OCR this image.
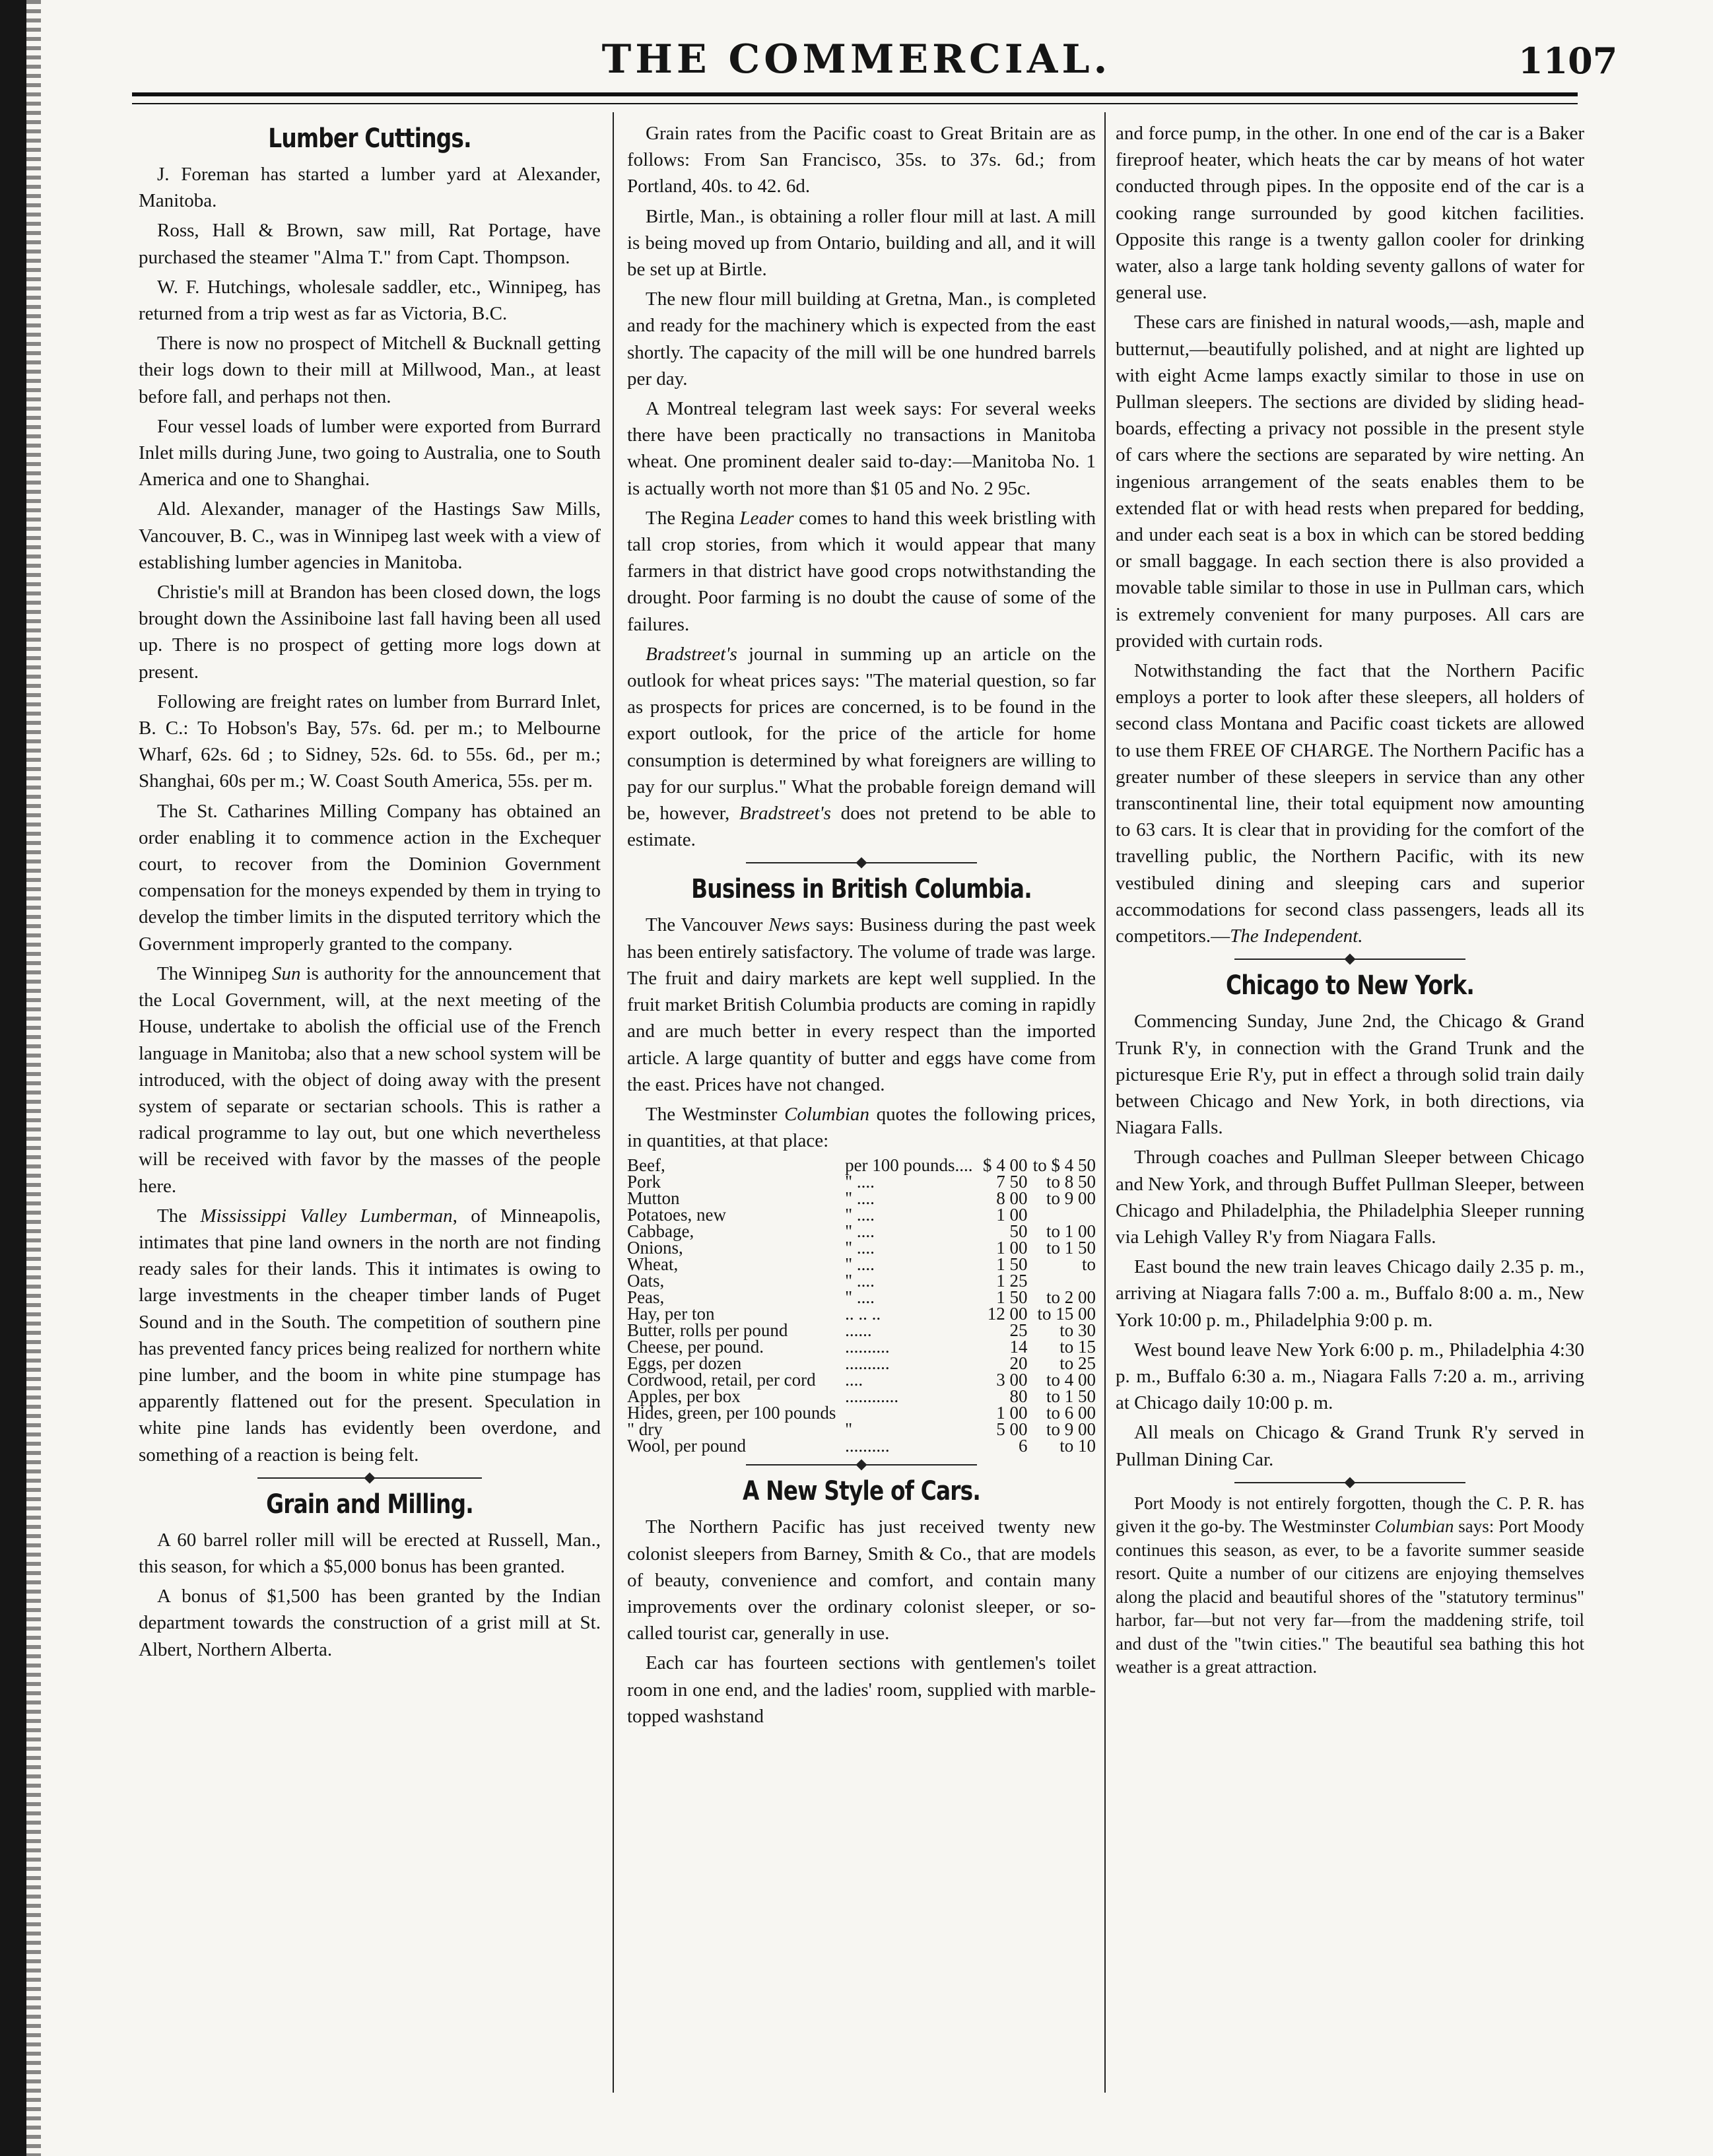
THE COMMERCIAL.	1107
Lumber Cuttings.

J. Foreman has started a lumber yard at Alexander, Manitoba.

Ross, Hall & Brown, saw mill, Rat Portage, have purchased the steamer "Alma T." from Capt. Thompson.

W. F. Hutchings, wholesale saddler, etc., Winnipeg, has returned from a trip west as far as Victoria, B.C.

There is now no prospect of Mitchell & Bucknall getting their logs down to their mill at Millwood, Man., at least before fall, and perhaps not then.

Four vessel loads of lumber were exported from Burrard Inlet mills during June, two going to Australia, one to South America and one to Shanghai.

Ald. Alexander, manager of the Hastings Saw Mills, Vancouver, B. C., was in Winnipeg last week with a view of establishing lumber agencies in Manitoba.

Christie's mill at Brandon has been closed down, the logs brought down the Assiniboine last fall having been all used up. There is no prospect of getting more logs down at present.

Following are freight rates on lumber from Burrard Inlet, B. C.: To Hobson's Bay, 57s. 6d. per m.; to Melbourne Wharf, 62s. 6d ; to Sidney, 52s. 6d. to 55s. 6d., per m.; Shanghai, 60s per m.; W. Coast South America, 55s. per m.

The St. Catharines Milling Company has obtained an order enabling it to commence action in the Exchequer court, to recover from the Dominion Government compensation for the moneys expended by them in trying to develop the timber limits in the disputed territory which the Government improperly granted to the company.

The Winnipeg Sun is authority for the announcement that the Local Government, will, at the next meeting of the House, undertake to abolish the official use of the French language in Manitoba; also that a new school system will be introduced, with the object of doing away with the present system of separate or sectarian schools. This is rather a radical programme to lay out, but one which nevertheless will be received with favor by the masses of the people here.

The Mississippi Valley Lumberman, of Minneapolis, intimates that pine land owners in the north are not finding ready sales for their lands. This it intimates is owing to large investments in the cheaper timber lands of Puget Sound and in the South. The competition of southern pine has prevented fancy prices being realized for northern white pine lumber, and the boom in white pine stumpage has apparently flattened out for the present. Speculation in white pine lands has evidently been overdone, and something of a reaction is being felt.

Grain and Milling.

A 60 barrel roller mill will be erected at Russell, Man., this season, for which a $5,000 bonus has been granted.

A bonus of $1,500 has been granted by the Indian department towards the construction of a grist mill at St. Albert, Northern Alberta.

Grain rates from the Pacific coast to Great Britain are as follows: From San Francisco, 35s. to 37s. 6d.; from Portland, 40s. to 42. 6d.

Birtle, Man., is obtaining a roller flour mill at last. A mill is being moved up from Ontario, building and all, and it will be set up at Birtle.

The new flour mill building at Gretna, Man., is completed and ready for the machinery which is expected from the east shortly. The capacity of the mill will be one hundred barrels per day.

A Montreal telegram last week says: For several weeks there have been practically no transactions in Manitoba wheat. One prominent dealer said to-day:—Manitoba No. 1 is actually worth not more than $1 05 and No. 2 95c.

The Regina Leader comes to hand this week bristling with tall crop stories, from which it would appear that many farmers in that district have good crops notwithstanding the drought. Poor farming is no doubt the cause of some of the failures.

Bradstreet's journal in summing up an article on the outlook for wheat prices says: "The material question, so far as prospects for prices are concerned, is to be found in the export outlook, for the price of the article for home consumption is determined by what foreigners are willing to pay for our surplus." What the probable foreign demand will be, however, Bradstreet's does not pretend to be able to estimate.

Business in British Columbia.

The Vancouver News says: Business during the past week has been entirely satisfactory. The volume of trade was large. The fruit and dairy markets are kept well supplied. In the fruit market British Columbia products are coming in rapidly and are much better in every respect than the imported article. A large quantity of butter and eggs have come from the east. Prices have not changed.

The Westminster Columbian quotes the following prices, in quantities, at that place:

Beef,	per 100 pounds....	$ 4 00	to $ 4 50
Pork	" ....	7 50	to 8 50
Mutton	" ....	8 00	to 9 00
Potatoes, new	" ....	1 00	
Cabbage,	" ....	50	to 1 00
Onions,	" ....	1 00	to 1 50
Wheat,	" ....	1 50	to
Oats,	" ....	1 25	
Peas,	" ....	1 50	to 2 00
Hay, per ton	.. .. ..	12 00	to 15 00
Butter, rolls per pound	......	25	to 30
Cheese, per pound.	..........	14	to 15
Eggs, per dozen	..........	20	to 25
Cordwood, retail, per cord	....	3 00	to 4 00
Apples, per box	............	80	to 1 50
Hides, green, per 100 pounds		1 00	to 6 00
" dry	"	5 00	to 9 00
Wool, per pound	..........	6	to 10
A New Style of Cars.

The Northern Pacific has just received twenty new colonist sleepers from Barney, Smith & Co., that are models of beauty, convenience and comfort, and contain many improvements over the ordinary colonist sleeper, or so-called tourist car, generally in use.

Each car has fourteen sections with gentlemen's toilet room in one end, and the ladies' room, supplied with marble-topped washstand

and force pump, in the other. In one end of the car is a Baker fireproof heater, which heats the car by means of hot water conducted through pipes. In the opposite end of the car is a cooking range surrounded by good kitchen facilities. Opposite this range is a twenty gallon cooler for drinking water, also a large tank holding seventy gallons of water for general use.

These cars are finished in natural woods,—ash, maple and butternut,—beautifully polished, and at night are lighted up with eight Acme lamps exactly similar to those in use on Pullman sleepers. The sections are divided by sliding head-boards, effecting a privacy not possible in the present style of cars where the sections are separated by wire netting. An ingenious arrangement of the seats enables them to be extended flat or with head rests when prepared for bedding, and under each seat is a box in which can be stored bedding or small baggage. In each section there is also provided a movable table similar to those in use in Pullman cars, which is extremely convenient for many purposes. All cars are provided with curtain rods.

Notwithstanding the fact that the Northern Pacific employs a porter to look after these sleepers, all holders of second class Montana and Pacific coast tickets are allowed to use them FREE OF CHARGE. The Northern Pacific has a greater number of these sleepers in service than any other transcontinental line, their total equipment now amounting to 63 cars. It is clear that in providing for the comfort of the travelling public, the Northern Pacific, with its new vestibuled dining and sleeping cars and superior accommodations for second class passengers, leads all its competitors.—The Independent.

Chicago to New York.

Commencing Sunday, June 2nd, the Chicago & Grand Trunk R'y, in connection with the Grand Trunk and the picturesque Erie R'y, put in effect a through solid train daily between Chicago and New York, in both directions, via Niagara Falls.

Through coaches and Pullman Sleeper between Chicago and New York, and through Buffet Pullman Sleeper, between Chicago and Philadelphia, the Philadelphia Sleeper running via Lehigh Valley R'y from Niagara Falls.

East bound the new train leaves Chicago daily 2.35 p. m., arriving at Niagara falls 7:00 a. m., Buffalo 8:00 a. m., New York 10:00 p. m., Philadelphia 9:00 p. m.

West bound leave New York 6:00 p. m., Philadelphia 4:30 p. m., Buffalo 6:30 a. m., Niagara Falls 7:20 a. m., arriving at Chicago daily 10:00 p. m.

All meals on Chicago & Grand Trunk R'y served in Pullman Dining Car.

Port Moody is not entirely forgotten, though the C. P. R. has given it the go-by. The Westminster Columbian says: Port Moody continues this season, as ever, to be a favorite summer seaside resort. Quite a number of our citizens are enjoying themselves along the placid and beautiful shores of the "statutory terminus" harbor, far—but not very far—from the maddening strife, toil and dust of the "twin cities." The beautiful sea bathing this hot weather is a great attraction.
